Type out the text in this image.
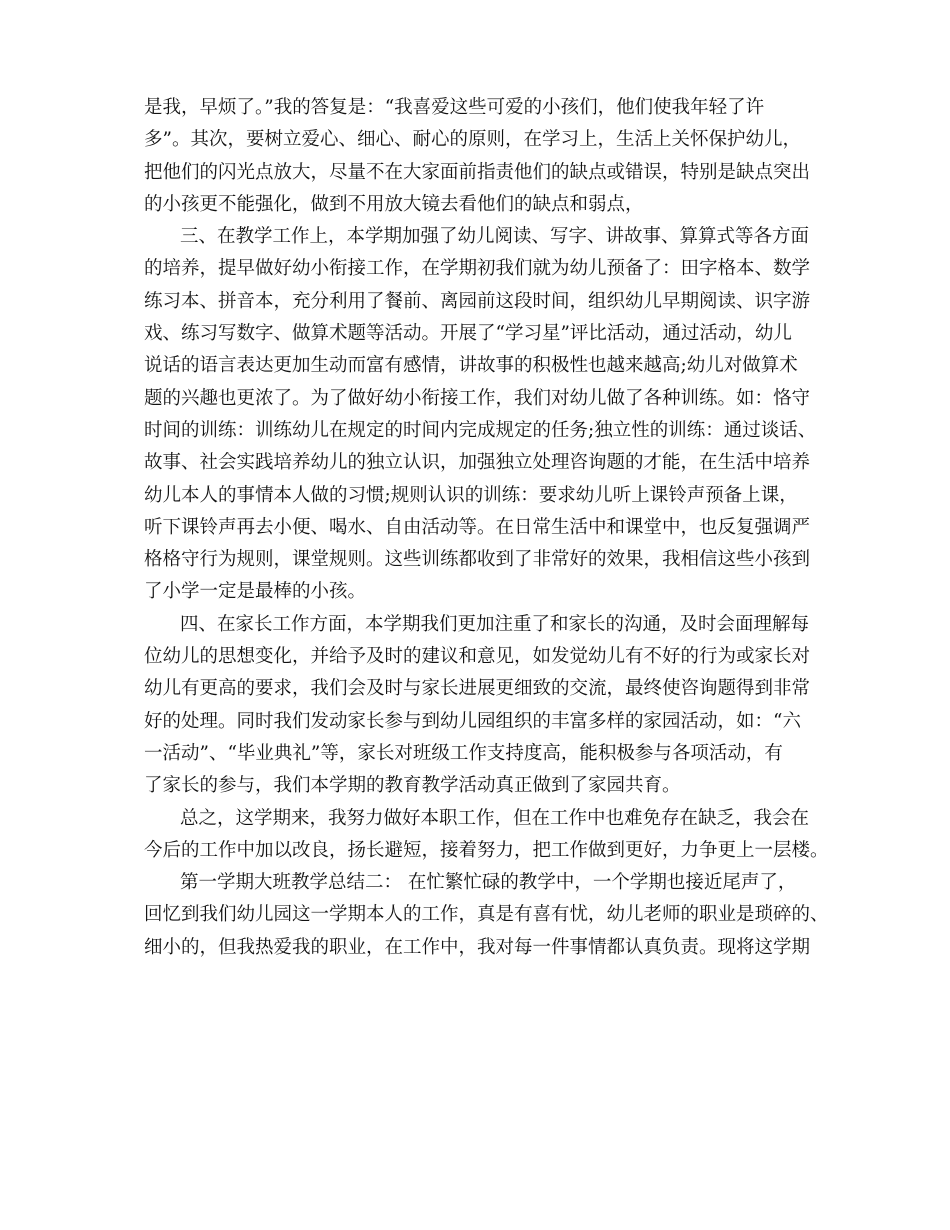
是我，早烦了。”我的答复是：“我喜爱这些可爱的小孩们，他们使我年轻了许
多”。其次，要树立爱心、细心、耐心的原则，在学习上，生活上关怀保护幼儿，
把他们的闪光点放大，尽量不在大家面前指责他们的缺点或错误，特别是缺点突出
的小孩更不能强化，做到不用放大镜去看他们的缺点和弱点，
三、在教学工作上，本学期加强了幼儿阅读、写字、讲故事、算算式等各方面
的培养，提早做好幼小衔接工作，在学期初我们就为幼儿预备了：田字格本、数学
练习本、拼音本，充分利用了餐前、离园前这段时间，组织幼儿早期阅读、识字游
戏、练习写数字、做算术题等活动。开展了“学习星”评比活动，通过活动，幼儿
说话的语言表达更加生动而富有感情，讲故事的积极性也越来越高;幼儿对做算术
题的兴趣也更浓了。为了做好幼小衔接工作，我们对幼儿做了各种训练。如：恪守
时间的训练：训练幼儿在规定的时间内完成规定的任务;独立性的训练：通过谈话、
故事、社会实践培养幼儿的独立认识，加强独立处理咨询题的才能，在生活中培养
幼儿本人的事情本人做的习惯;规则认识的训练：要求幼儿听上课铃声预备上课，
听下课铃声再去小便、喝水、自由活动等。在日常生活中和课堂中，也反复强调严
格格守行为规则，课堂规则。这些训练都收到了非常好的效果，我相信这些小孩到
了小学一定是最棒的小孩。
四、在家长工作方面，本学期我们更加注重了和家长的沟通，及时会面理解每
位幼儿的思想变化，并给予及时的建议和意见，如发觉幼儿有不好的行为或家长对
幼儿有更高的要求，我们会及时与家长进展更细致的交流，最终使咨询题得到非常
好的处理。同时我们发动家长参与到幼儿园组织的丰富多样的家园活动，如：“六
一活动”、“毕业典礼”等，家长对班级工作支持度高，能积极参与各项活动，有
了家长的参与，我们本学期的教育教学活动真正做到了家园共育。
总之，这学期来，我努力做好本职工作，但在工作中也难免存在缺乏，我会在
今后的工作中加以改良，扬长避短，接着努力，把工作做到更好，力争更上一层楼。
第一学期大班教学总结二： 在忙繁忙碌的教学中，一个学期也接近尾声了，
回忆到我们幼儿园这一学期本人的工作，真是有喜有忧，幼儿老师的职业是琐碎的、
细小的，但我热爱我的职业，在工作中，我对每一件事情都认真负责。现将这学期
